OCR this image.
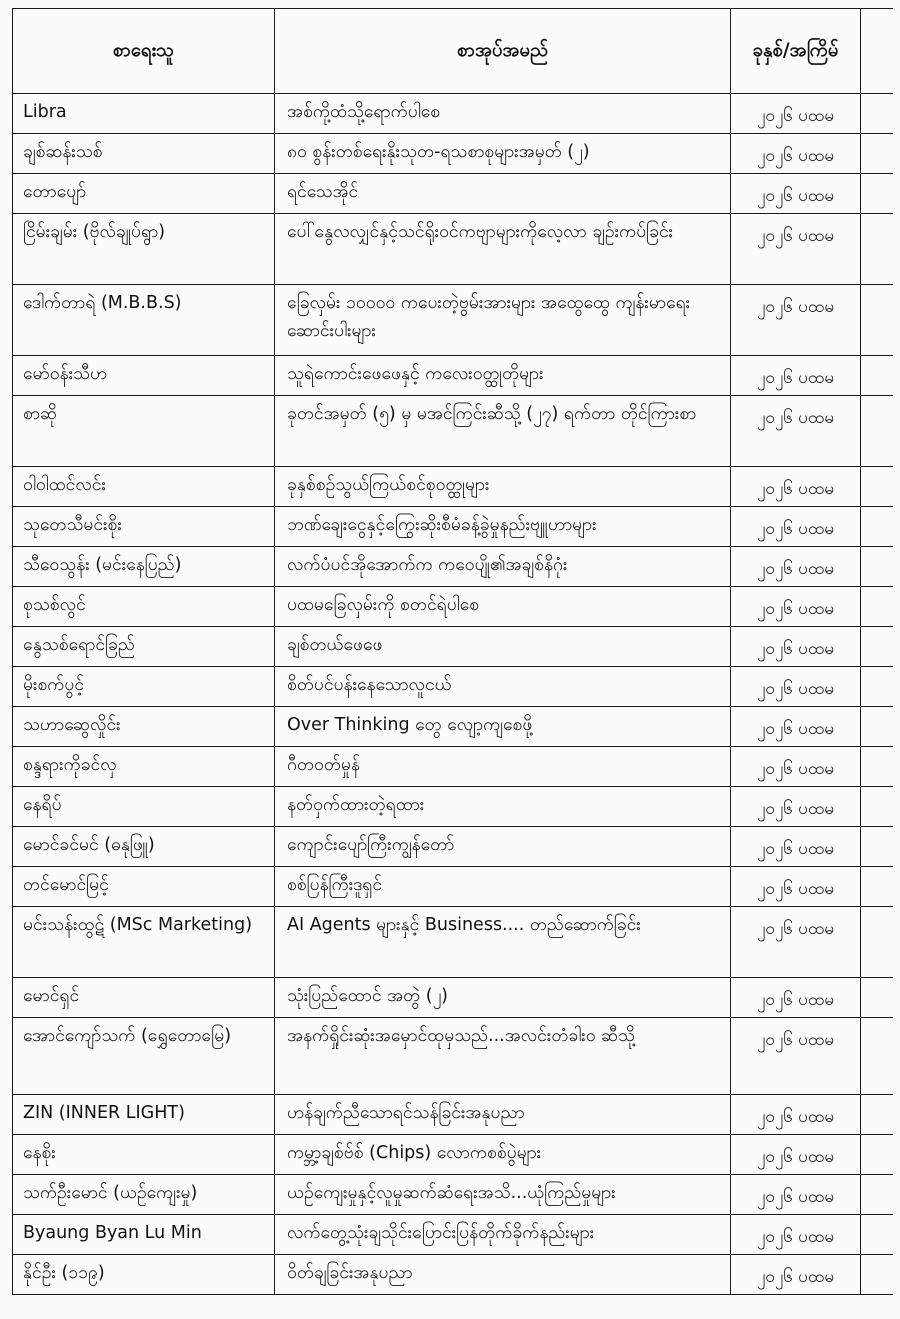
စာရေးသူ	စာအုပ်အမည်	ခုနှစ်/အကြိမ်	
Libra	အစ်ကို့ထံသို့ရောက်ပါစေ	၂၀၂၆ ပထမ	
ချစ်ဆန်းသစ်	၈၀ စွန်းတစ်ရေးနိုးသုတ-ရသစာစုများအမှတ် (၂)	၂၀၂၆ ပထမ	
တောပျော်	ရင်သေအိုင်	၂၀၂၆ ပထမ	
ငြိမ်းချမ်း (ဗိုလ်ချုပ်ရွာ)	ပေါ်နွေလလျှင်နှင့်သင်ရိုးဝင်ကဗျာများကိုလေ့လာ ချဉ်းကပ်ခြင်း	၂၀၂၆ ပထမ	
ဒေါက်တာရဲ (M.B.B.S)	ခြေလှမ်း ၁၀၀၀၀ ကပေးတဲ့ဗွမ်းအားများ အထွေထွေ ကျန်းမာရေးဆောင်းပါးများ	၂၀၂၆ ပထမ	
မော်ဝန်းသီဟ	သူရဲကောင်းဖေဖေနှင့် ကလေးဝတ္ထုတိုများ	၂၀၂၆ ပထမ	
စာဆို	ခုတင်အမှတ် (၅) မှ မအင်ကြင်းဆီသို့ (၂၇) ရက်တာ တိုင်ကြားစာ	၂၀၂၆ ပထမ	
ဝါဝါထင်လင်း	ခုနှစ်စဉ်သွယ်ကြယ်စင်စုဝတ္ထုများ	၂၀၂၆ ပထမ	
သုတေသီမင်းစိုး	ဘဏ်ချေးငွေနှင့်ကြွေးဆိုးစီမံခန့်ခွဲမှုနည်းဗျူဟာများ	၂၀၂၆ ပထမ	
သီဝေသွန်း (မင်းနေပြည်)	လက်ပံပင်အိုအောက်က ကဝေပျို၏အချစ်နိဂုံး	၂၀၂၆ ပထမ	
စုသစ်လွင်	ပထမခြေလှမ်းကို စတင်ရဲပါစေ	၂၀၂၆ ပထမ	
နွေသစ်ရောင်ခြည်	ချစ်တယ်ဖေဖေ	၂၀၂၆ ပထမ	
မိုးစက်ပွင့်	စိတ်ပင်ပန်းနေသောလူငယ်	၂၀၂၆ ပထမ	
သဟာဆွေလှိုင်း	Over Thinking တွေ လျော့ကျစေဖို့	၂၀၂၆ ပထမ	
စန္ဒရားကိုခင်လှ	ဂီတဝတ်မှုန်	၂၀၂၆ ပထမ	
နေရိပ်	နတ်ဝှက်ထားတဲ့ရထား	၂၀၂၆ ပထမ	
မောင်ခင်မင် (ဓနုဖြူ)	ကျောင်းပျော်ကြီးကျွန်တော်	၂၀၂၆ ပထမ	
တင်မောင်မြင့်	စစ်ပြန်ကြီးဒူရှင်	၂၀၂၆ ပထမ	
မင်းသန်းထွဋ် (MSc Marketing)	AI Agents များနှင့် Business.... တည်ဆောက်ခြင်း	၂၀၂၆ ပထမ	
မောင်ရှင်	သုံးပြည်ထောင် အတွဲ (၂)	၂၀၂၆ ပထမ	
အောင်ကျော်သက် (ရွှေတောမြေ)	အနက်ရှိုင်းဆုံးအမှောင်ထုမှသည်...အလင်းတံခါးဝ ဆီသို့	၂၀၂၆ ပထမ	
ZIN (INNER LIGHT)	ဟန်ချက်ညီသောရင်သန်ခြင်းအနုပညာ	၂၀၂၆ ပထမ	
နေစိုး	ကမ္ဘာ့ချစ်ဗ်စ် (Chips) လောကစစ်ပွဲများ	၂၀၂၆ ပထမ	
သက်ဦးမောင် (ယဉ်ကျေးမှု)	ယဉ်ကျေးမှုနှင့်လူမှုဆက်ဆံရေးအသိ...ယုံကြည်မှုများ	၂၀၂၆ ပထမ	
Byaung Byan Lu Min	လက်တွေ့သုံးချသိုင်းပြောင်းပြန်တိုက်ခိုက်နည်းများ	၂၀၂၆ ပထမ	
နိုင်ဦး (၁၁၉)	ဝိတ်ချခြင်းအနုပညာ	၂၀၂၆ ပထမ	
